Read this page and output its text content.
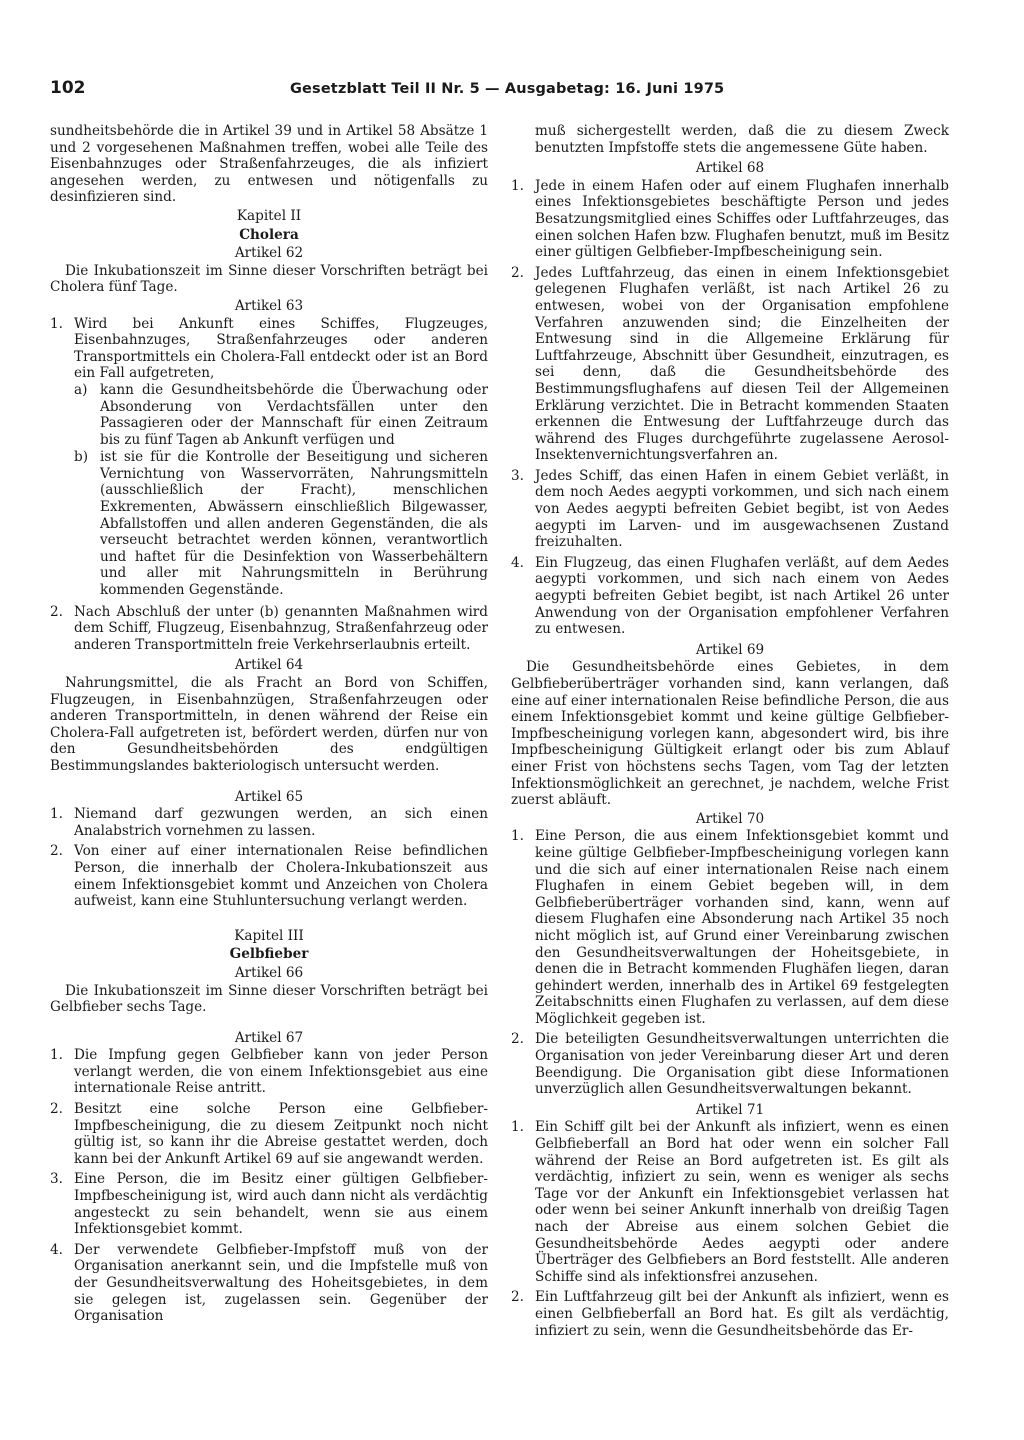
102	Gesetzblatt Teil II Nr. 5 — Ausgabetag: 16. Juni 1975

sundheitsbehörde die in Artikel 39 und in Artikel 58 Absätze 1 und 2 vorgesehenen Maßnahmen treffen, wobei alle Teile des Eisenbahnzuges oder Straßenfahrzeuges, die als infiziert angesehen werden, zu entwesen und nötigenfalls zu desinfizieren sind.

Kapitel II

Cholera

Artikel 62

Die Inkubationszeit im Sinne dieser Vorschriften beträgt bei Cholera fünf Tage.

Artikel 63

1. Wird bei Ankunft eines Schiffes, Flugzeuges, Eisenbahnzuges, Straßenfahrzeuges oder anderen Transportmittels ein Cholera-Fall entdeckt oder ist an Bord ein Fall aufgetreten,

a) kann die Gesundheitsbehörde die Überwachung oder Absonderung von Verdachtsfällen unter den Passagieren oder der Mannschaft für einen Zeitraum bis zu fünf Tagen ab Ankunft verfügen und
b) ist sie für die Kontrolle der Beseitigung und sicheren Vernichtung von Wasservorräten, Nahrungsmitteln (ausschließlich der Fracht), menschlichen Exkrementen, Abwässern einschließlich Bilgewasser, Abfallstoffen und allen anderen Gegenständen, die als verseucht betrachtet werden können, verantwortlich und haftet für die Desinfektion von Wasserbehältern und aller mit Nahrungsmitteln in Berührung kommenden Gegenstände.
2. Nach Abschluß der unter (b) genannten Maßnahmen wird dem Schiff, Flugzeug, Eisenbahnzug, Straßenfahrzeug oder anderen Transportmitteln freie Verkehrserlaubnis erteilt.

Artikel 64

Nahrungsmittel, die als Fracht an Bord von Schiffen, Flugzeugen, in Eisenbahnzügen, Straßenfahrzeugen oder anderen Transportmitteln, in denen während der Reise ein Cholera-Fall aufgetreten ist, befördert werden, dürfen nur von den Gesundheitsbehörden des endgültigen Bestimmungslandes bakteriologisch untersucht werden.

Artikel 65

1. Niemand darf gezwungen werden, an sich einen Analabstrich vornehmen zu lassen.
2. Von einer auf einer internationalen Reise befindlichen Person, die innerhalb der Cholera-Inkubationszeit aus einem Infektionsgebiet kommt und Anzeichen von Cholera aufweist, kann eine Stuhluntersuchung verlangt werden.

Kapitel III

Gelbfieber

Artikel 66

Die Inkubationszeit im Sinne dieser Vorschriften beträgt bei Gelbfieber sechs Tage.

Artikel 67

1. Die Impfung gegen Gelbfieber kann von jeder Person verlangt werden, die von einem Infektionsgebiet aus eine internationale Reise antritt.
2. Besitzt eine solche Person eine Gelbfieber-Impfbescheinigung, die zu diesem Zeitpunkt noch nicht gültig ist, so kann ihr die Abreise gestattet werden, doch kann bei der Ankunft Artikel 69 auf sie angewandt werden.
3. Eine Person, die im Besitz einer gültigen Gelbfieber-Impfbescheinigung ist, wird auch dann nicht als verdächtig angesteckt zu sein behandelt, wenn sie aus einem Infektionsgebiet kommt.
4. Der verwendete Gelbfieber-Impfstoff muß von der Organisation anerkannt sein, und die Impfstelle muß von der Gesundheitsverwaltung des Hoheitsgebietes, in dem sie gelegen ist, zugelassen sein. Gegenüber der Organisation
muß sichergestellt werden, daß die zu diesem Zweck benutzten Impfstoffe stets die angemessene Güte haben.

Artikel 68

1. Jede in einem Hafen oder auf einem Flughafen innerhalb eines Infektionsgebietes beschäftigte Person und jedes Besatzungsmitglied eines Schiffes oder Luftfahrzeuges, das einen solchen Hafen bzw. Flughafen benutzt, muß im Besitz einer gültigen Gelbfieber-Impfbescheinigung sein.
2. Jedes Luftfahrzeug, das einen in einem Infektionsgebiet gelegenen Flughafen verläßt, ist nach Artikel 26 zu entwesen, wobei von der Organisation empfohlene Verfahren anzuwenden sind; die Einzelheiten der Entwesung sind in die Allgemeine Erklärung für Luftfahrzeuge, Abschnitt über Gesundheit, einzutragen, es sei denn, daß die Gesundheitsbehörde des Bestimmungsflughafens auf diesen Teil der Allgemeinen Erklärung verzichtet. Die in Betracht kommenden Staaten erkennen die Entwesung der Luftfahrzeuge durch das während des Fluges durchgeführte zugelassene Aerosol-Insektenvernichtungsverfahren an.
3. Jedes Schiff, das einen Hafen in einem Gebiet verläßt, in dem noch Aedes aegypti vorkommen, und sich nach einem von Aedes aegypti befreiten Gebiet begibt, ist von Aedes aegypti im Larven- und im ausgewachsenen Zustand freizuhalten.
4. Ein Flugzeug, das einen Flughafen verläßt, auf dem Aedes aegypti vorkommen, und sich nach einem von Aedes aegypti befreiten Gebiet begibt, ist nach Artikel 26 unter Anwendung von der Organisation empfohlener Verfahren zu entwesen.

Artikel 69

Die Gesundheitsbehörde eines Gebietes, in dem Gelbfieberüberträger vorhanden sind, kann verlangen, daß eine auf einer internationalen Reise befindliche Person, die aus einem Infektionsgebiet kommt und keine gültige Gelbfieber-Impfbescheinigung vorlegen kann, abgesondert wird, bis ihre Impfbescheinigung Gültigkeit erlangt oder bis zum Ablauf einer Frist von höchstens sechs Tagen, vom Tag der letzten Infektionsmöglichkeit an gerechnet, je nachdem, welche Frist zuerst abläuft.

Artikel 70

1. Eine Person, die aus einem Infektionsgebiet kommt und keine gültige Gelbfieber-Impfbescheinigung vorlegen kann und die sich auf einer internationalen Reise nach einem Flughafen in einem Gebiet begeben will, in dem Gelbfieberüberträger vorhanden sind, kann, wenn auf diesem Flughafen eine Absonderung nach Artikel 35 noch nicht möglich ist, auf Grund einer Vereinbarung zwischen den Gesundheitsverwaltungen der Hoheitsgebiete, in denen die in Betracht kommenden Flughäfen liegen, daran gehindert werden, innerhalb des in Artikel 69 festgelegten Zeitabschnitts einen Flughafen zu verlassen, auf dem diese Möglichkeit gegeben ist.
2. Die beteiligten Gesundheitsverwaltungen unterrichten die Organisation von jeder Vereinbarung dieser Art und deren Beendigung. Die Organisation gibt diese Informationen unverzüglich allen Gesundheitsverwaltungen bekannt.

Artikel 71

1. Ein Schiff gilt bei der Ankunft als infiziert, wenn es einen Gelbfieberfall an Bord hat oder wenn ein solcher Fall während der Reise an Bord aufgetreten ist. Es gilt als verdächtig, infiziert zu sein, wenn es weniger als sechs Tage vor der Ankunft ein Infektionsgebiet verlassen hat oder wenn bei seiner Ankunft innerhalb von dreißig Tagen nach der Abreise aus einem solchen Gebiet die Gesundheitsbehörde Aedes aegypti oder andere Überträger des Gelbfiebers an Bord feststellt. Alle anderen Schiffe sind als infektionsfrei anzusehen.
2. Ein Luftfahrzeug gilt bei der Ankunft als infiziert, wenn es einen Gelbfieberfall an Bord hat. Es gilt als verdächtig, infiziert zu sein, wenn die Gesundheitsbehörde das Er-
